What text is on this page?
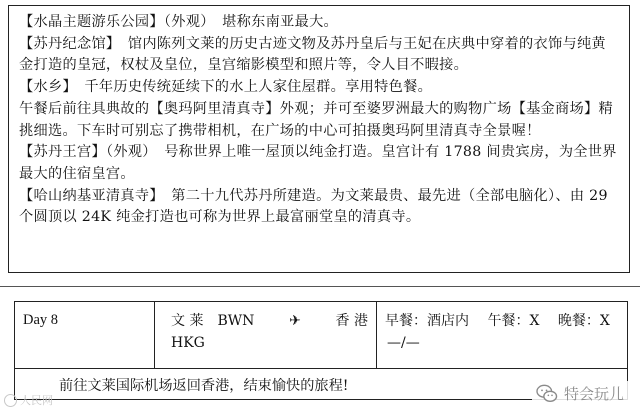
【水晶主题游乐公园】（外观）　 堪称东南亚最大。

【苏丹纪念馆】　 馆内陈列文莱的历史古迹文物及苏丹皇后与王妃在庆典中穿着的衣饰与纯黄金打造的皇冠，权杖及皇位，皇宫缩影模型和照片等，令人目不暇接。

【水乡】　 千年历史传统延续下的水上人家住屋群。享用特色餐。

午餐后前往具典故的【奥玛阿里清真寺】外观；并可至婆罗洲最大的购物广场【基金商场】精挑细选。下车时可别忘了携带相机，在广场的中心可拍摄奥玛阿里清真寺全景喔！

【苏丹王宫】（外观）　 号称世界上唯一屋顶以纯金打造。皇宫计有 1788 间贵宾房，为全世界最大的住宿皇宫。

【哈山纳基亚清真寺】　 第二十九代苏丹所建造。为文莱最贵、最先进（全部电脑化）、由 29 个圆顶以 24K 纯金打造也可称为世界上最富丽堂皇的清真寺。

Day 8	文 莱　BWN ✈ 香 港
HKG
早餐：酒店内 午餐：X 晚餐：X
—/—
前往文莱国际机场返回香港，结束愉快的旅程!
人民网	特会玩儿
